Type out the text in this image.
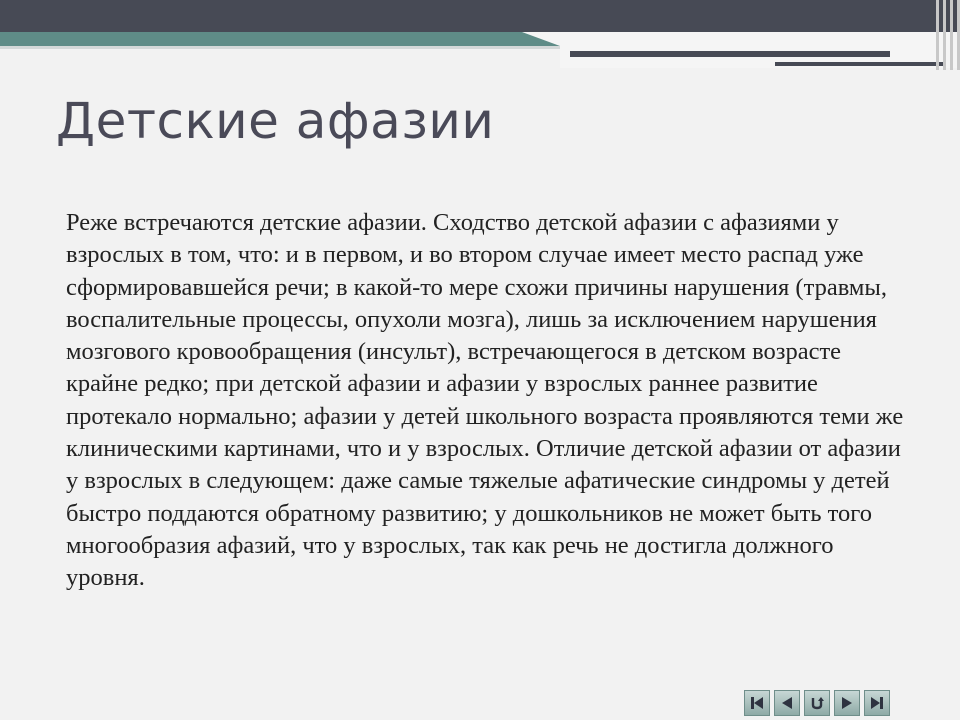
Детские афазии

Реже встречаются детские афазии. Сходство детской афазии с афазиями у взрослых в том, что: и в первом, и во втором случае имеет место распад уже сформировавшейся речи; в какой-то мере схожи причины нарушения (травмы, воспалительные процессы, опухоли мозга), лишь за исключением нарушения мозгового кровообращения (инсульт), встречающегося в детском возрасте крайне редко; при детской афазии и афазии у взрослых раннее развитие протекало нормально; афазии у детей школьного возраста проявляются теми же клиническими картинами, что и у взрослых. Отличие детской афазии от афазии у взрослых в следующем: даже самые тяжелые афатические синдромы у детей быстро поддаются обратному развитию; у дошкольников не может быть того многообразия афазий, что у взрослых, так как речь не достигла должного уровня.
